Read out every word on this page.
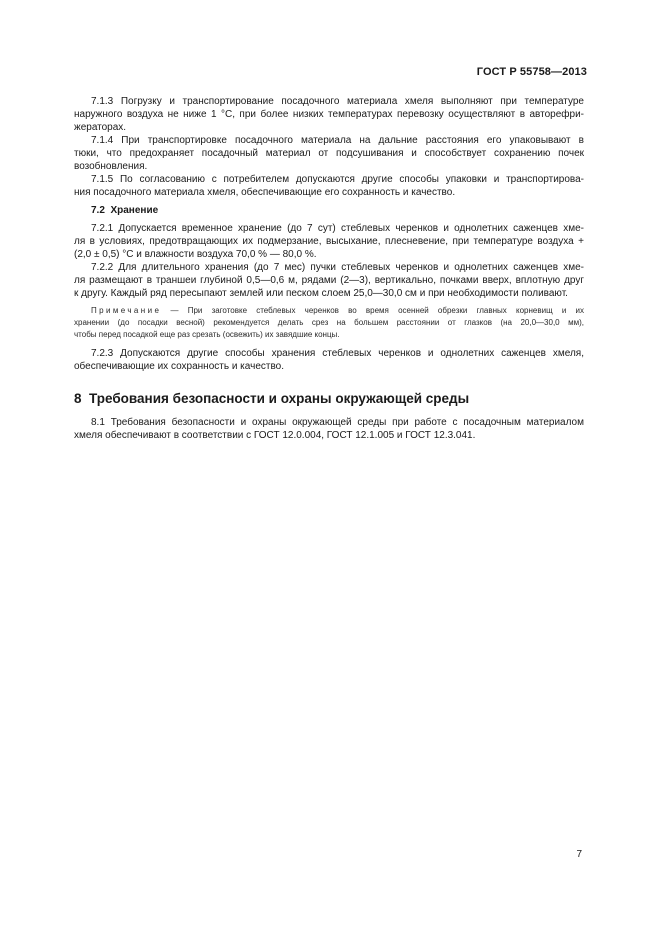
ГОСТ Р 55758—2013
7.1.3 Погрузку и транспортирование посадочного материала хмеля выполняют при температуре
наружного воздуха не ниже 1 °С, при более низких температурах перевозку осуществляют в авторефри-
жераторах.
7.1.4 При транспортировке посадочного материала на дальние расстояния его упаковывают в
тюки, что предохраняет посадочный материал от подсушивания и способствует сохранению почек
возобновления.
7.1.5 По согласованию с потребителем допускаются другие способы упаковки и транспортирова-
ния посадочного материала хмеля, обеспечивающие его сохранность и качество.
7.2 Хранение
7.2.1 Допускается временное хранение (до 7 сут) стеблевых черенков и однолетних саженцев хме-
ля в условиях, предотвращающих их подмерзание, высыхание, плесневение, при температуре воздуха +
(2,0 ± 0,5) °С и влажности воздуха 70,0 % — 80,0 %.
7.2.2 Для длительного хранения (до 7 мес) пучки стеблевых черенков и однолетних саженцев хме-
ля размещают в траншеи глубиной 0,5—0,6 м, рядами (2—3), вертикально, почками вверх, вплотную друг
к другу. Каждый ряд пересыпают землей или песком слоем 25,0—30,0 см и при необходимости поливают.
Примечание — При заготовке стеблевых черенков во время осенней обрезки главных корневищ и их
хранении (до посадки весной) рекомендуется делать срез на большем расстоянии от глазков (на 20,0—30,0 мм),
чтобы перед посадкой еще раз срезать (освежить) их завядшие концы.
7.2.3 Допускаются другие способы хранения стеблевых черенков и однолетних саженцев хмеля,
обеспечивающие их сохранность и качество.
8 Требования безопасности и охраны окружающей среды
8.1 Требования безопасности и охраны окружающей среды при работе с посадочным материалом
хмеля обеспечивают в соответствии с ГОСТ 12.0.004, ГОСТ 12.1.005 и ГОСТ 12.3.041.
7
